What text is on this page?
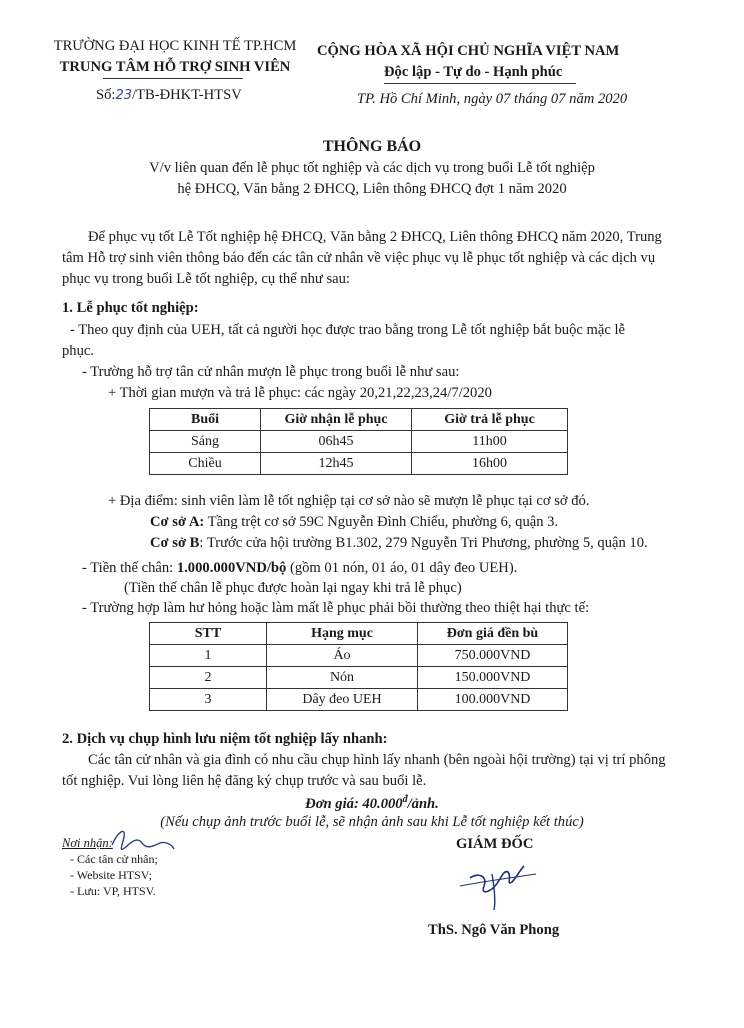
TRƯỜNG ĐẠI HỌC KINH TẾ TP.HCM
TRUNG TÂM HỖ TRỢ SINH VIÊN
Số:23/TB-ĐHKT-HTSV
CỘNG HÒA XÃ HỘI CHỦ NGHĨA VIỆT NAM
Độc lập - Tự do - Hạnh phúc
TP. Hồ Chí Minh, ngày 07 tháng 07 năm 2020
THÔNG BÁO
V/v liên quan đến lễ phục tốt nghiệp và các dịch vụ trong buổi Lễ tốt nghiệp
hệ ĐHCQ, Văn bằng 2 ĐHCQ, Liên thông ĐHCQ đợt 1 năm 2020
Để phục vụ tốt Lễ Tốt nghiệp hệ ĐHCQ, Văn bằng 2 ĐHCQ, Liên thông ĐHCQ năm 2020, Trung
tâm Hỗ trợ sinh viên thông báo đến các tân cử nhân về việc phục vụ lễ phục tốt nghiệp và các dịch vụ
phục vụ trong buổi Lễ tốt nghiệp, cụ thể như sau:
1. Lễ phục tốt nghiệp:
- Theo quy định của UEH, tất cả người học được trao bằng trong Lễ tốt nghiệp bắt buộc mặc lễ
phục.
- Trường hỗ trợ tân cử nhân mượn lễ phục trong buổi lễ như sau:
+ Thời gian mượn và trả lễ phục: các ngày 20,21,22,23,24/7/2020
Buổi	Giờ nhận lễ phục	Giờ trả lễ phục
Sáng	06h45	11h00
Chiều	12h45	16h00
+ Địa điểm: sinh viên làm lễ tốt nghiệp tại cơ sở nào sẽ mượn lễ phục tại cơ sở đó.
Cơ sở A: Tầng trệt cơ sở 59C Nguyễn Đình Chiểu, phường 6, quận 3.
Cơ sở B: Trước cửa hội trường B1.302, 279 Nguyễn Tri Phương, phường 5, quận 10.
- Tiền thế chân: 1.000.000VND/bộ (gồm 01 nón, 01 áo, 01 dây đeo UEH).
(Tiền thế chân lễ phục được hoàn lại ngay khi trả lễ phục)
- Trường hợp làm hư hỏng hoặc làm mất lễ phục phải bồi thường theo thiệt hại thực tế:
STT	Hạng mục	Đơn giá đền bù
1	Áo	750.000VND
2	Nón	150.000VND
3	Dây đeo UEH	100.000VND
2. Dịch vụ chụp hình lưu niệm tốt nghiệp lấy nhanh:
Các tân cử nhân và gia đình có nhu cầu chụp hình lấy nhanh (bên ngoài hội trường) tại vị trí phông
tốt nghiệp. Vui lòng liên hệ đăng ký chụp trước và sau buổi lễ.
Đơn giá: $40.000^đ$/ảnh.
(Nếu chụp ảnh trước buổi lễ, sẽ nhận ảnh sau khi Lễ tốt nghiệp kết thúc)
Nơi nhận:
- Các tân cử nhân;
- Website HTSV;
- Lưu: VP, HTSV.
GIÁM ĐỐC
ThS. Ngô Văn Phong
